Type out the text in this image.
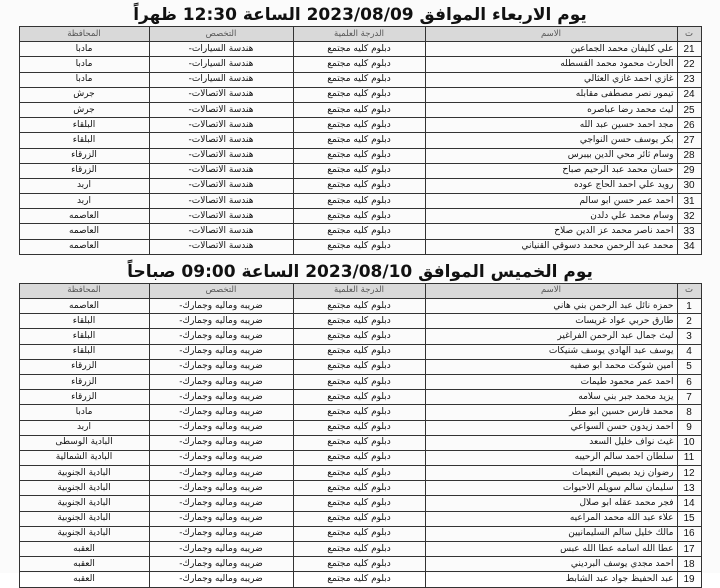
يوم الاربعاء الموافق 2023/08/09 الساعة 12:30 ظهراً
ت	الاسم	الدرجة العلمية	التخصص	المحافظة
21	علي كليفان محمد الجماعين	دبلوم كليه مجتمع	هندسة السيارات-	مادبا
22	الحارث محمود محمد القسطله	دبلوم كليه مجتمع	هندسة السيارات-	مادبا
23	غازي احمد غازي العثالي	دبلوم كليه مجتمع	هندسة السيارات-	مادبا
24	تيمور نصر مصطفى مقابله	دبلوم كليه مجتمع	هندسة الاتصالات-	جرش
25	ليث محمد رضا عباصره	دبلوم كليه مجتمع	هندسة الاتصالات-	جرش
26	مجد احمد حسين عبد الله	دبلوم كليه مجتمع	هندسة الاتصالات-	البلقاء
27	بكر يوسف حسن النواجي	دبلوم كليه مجتمع	هندسة الاتصالات-	البلقاء
28	وسام ثائر محي الدين بيبرس	دبلوم كليه مجتمع	هندسة الاتصالات-	الزرقاء
29	حسان محمد عبد الرحيم صباح	دبلوم كليه مجتمع	هندسة الاتصالات-	الزرقاء
30	رويد علي احمد الحاج عوده	دبلوم كليه مجتمع	هندسة الاتصالات-	اربد
31	احمد عمر حسن ابو سالم	دبلوم كليه مجتمع	هندسة الاتصالات-	اربد
32	وسام محمد علي دلدن	دبلوم كليه مجتمع	هندسة الاتصالات-	العاصمه
33	احمد ناصر محمد عز الدين صلاح	دبلوم كليه مجتمع	هندسة الاتصالات-	العاصمه
34	محمد عبد الرحمن محمد دسوقي القنياني	دبلوم كليه مجتمع	هندسة الاتصالات-	العاصمه
يوم الخميس الموافق 2023/08/10 الساعة 09:00 صباحاً
ت	الاسم	الدرجة العلمية	التخصص	المحافظة
1	حمزه نائل عبد الرحمن بني هاني	دبلوم كليه مجتمع	ضريبه وماليه وجمارك-	العاصمه
2	طارق حربي عواد غريسات	دبلوم كليه مجتمع	ضريبه وماليه وجمارك-	البلقاء
3	ليث جمال عبد الرحمن الفراغير	دبلوم كليه مجتمع	ضريبه وماليه وجمارك-	البلقاء
4	يوسف عبد الهادي يوسف شنيكات	دبلوم كليه مجتمع	ضريبه وماليه وجمارك-	البلقاء
5	امين شوكت محمد ابو صفيه	دبلوم كليه مجتمع	ضريبه وماليه وجمارك-	الزرقاء
6	احمد عمر محمود طيمات	دبلوم كليه مجتمع	ضريبه وماليه وجمارك-	الزرقاء
7	يزيد محمد جبر بني سلامه	دبلوم كليه مجتمع	ضريبه وماليه وجمارك-	الزرقاء
8	محمد فارس حسين ابو مطر	دبلوم كليه مجتمع	ضريبه وماليه وجمارك-	مادبا
9	احمد زيدون حسن السواعي	دبلوم كليه مجتمع	ضريبه وماليه وجمارك-	اربد
10	غيث نواف خليل السعد	دبلوم كليه مجتمع	ضريبه وماليه وجمارك-	البادية الوسطى
11	سلطان احمد سالم الرحيبه	دبلوم كليه مجتمع	ضريبه وماليه وجمارك-	البادية الشمالية
12	رضوان زيد بصيص النعيمات	دبلوم كليه مجتمع	ضريبه وماليه وجمارك-	البادية الجنوبية
13	سليمان سالم سويلم الاحيوات	دبلوم كليه مجتمع	ضريبه وماليه وجمارك-	البادية الجنوبية
14	فجر محمد عقله ابو صلال	دبلوم كليه مجتمع	ضريبه وماليه وجمارك-	البادية الجنوبية
15	علاء عبد الله محمد المراعيه	دبلوم كليه مجتمع	ضريبه وماليه وجمارك-	البادية الجنوبية
16	مالك خليل سالم السليمانيين	دبلوم كليه مجتمع	ضريبه وماليه وجمارك-	البادية الجنوبية
17	عطا الله اسامه عطا الله عبس	دبلوم كليه مجتمع	ضريبه وماليه وجمارك-	العقبه
18	احمد مجدي يوسف البرديني	دبلوم كليه مجتمع	ضريبه وماليه وجمارك-	العقبه
19	عبد الحفيظ جواد عبد الشابط	دبلوم كليه مجتمع	ضريبه وماليه وجمارك-	العقبه
